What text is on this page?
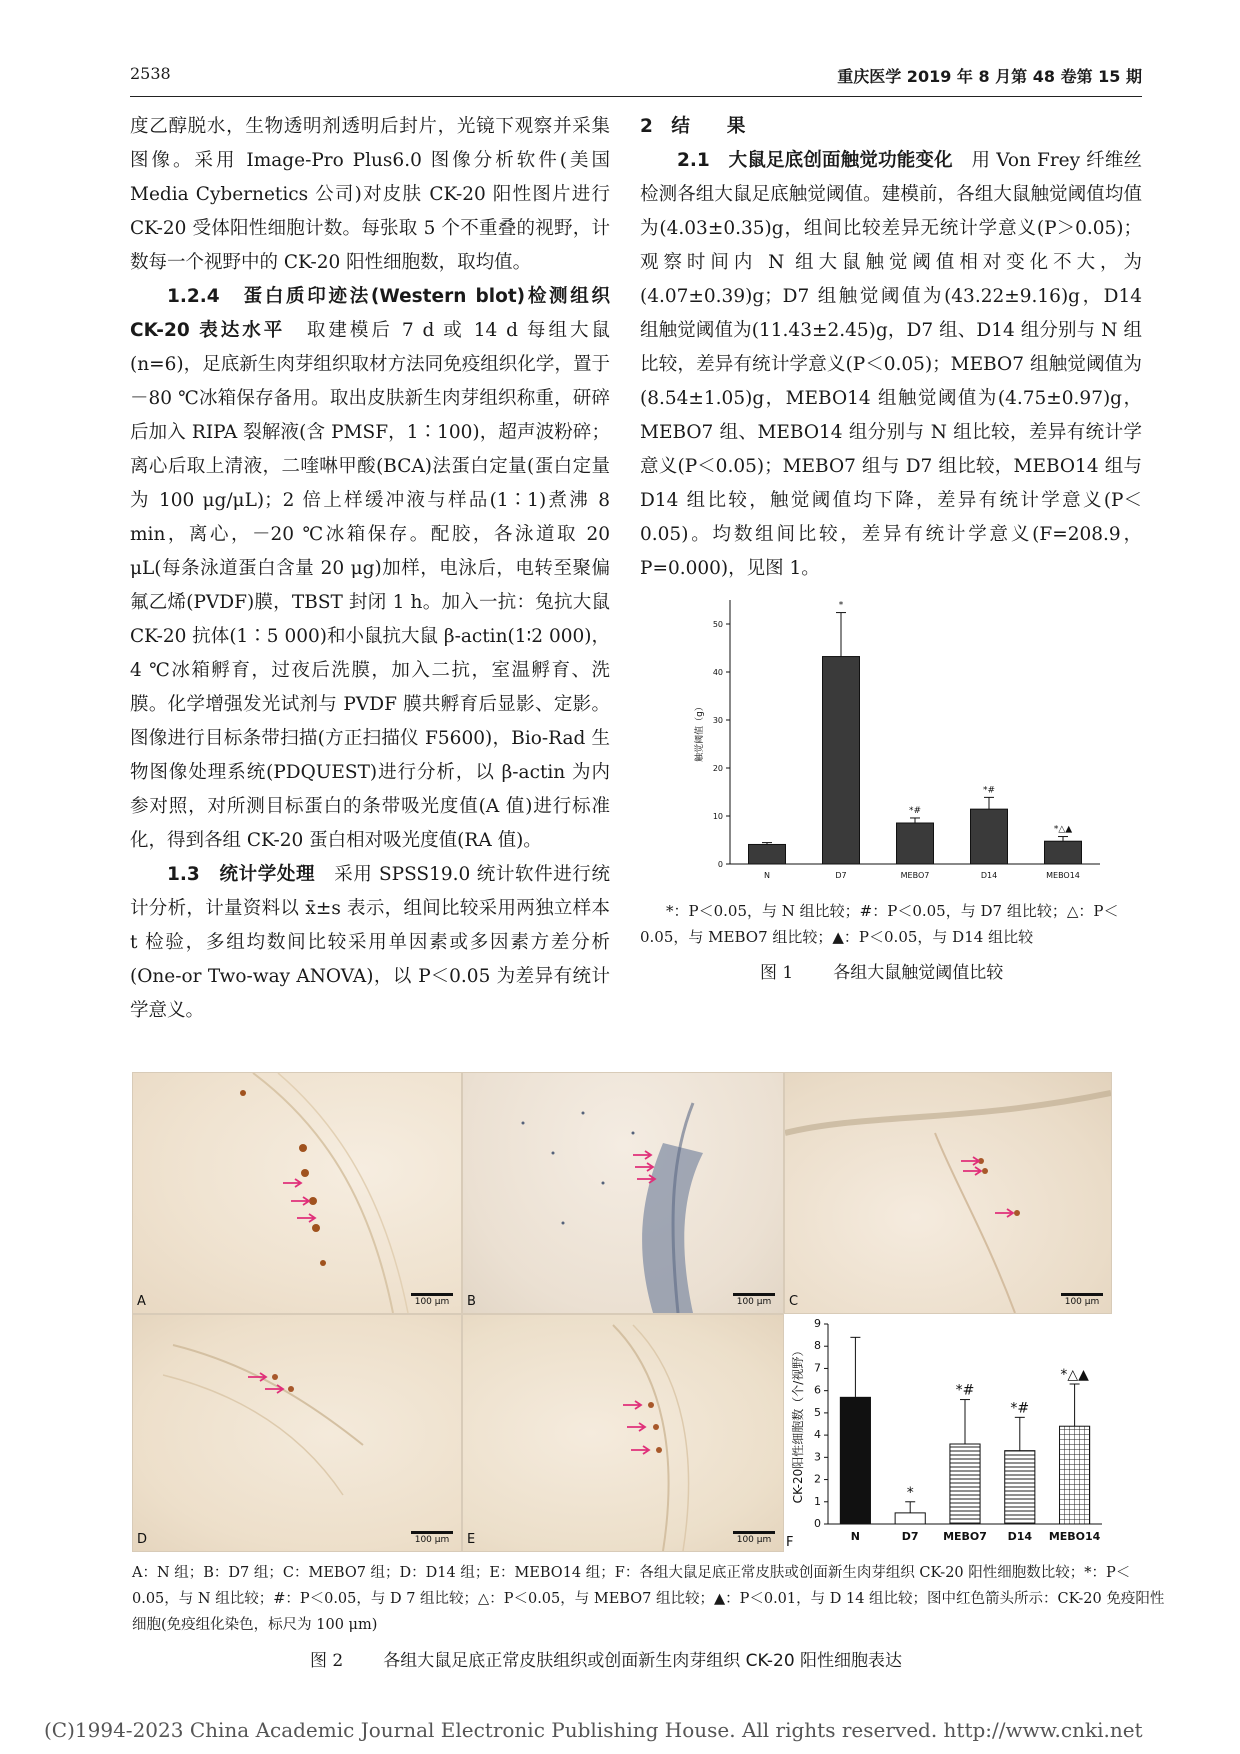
2538	重庆医学 2019 年 8 月第 48 卷第 15 期

度乙醇脱水，生物透明剂透明后封片，光镜下观察并采集图像。采用 Image-Pro Plus6.0 图像分析软件(美国 Media Cybernetics 公司)对皮肤 CK-20 阳性图片进行 CK-20 受体阳性细胞计数。每张取 5 个不重叠的视野，计数每一个视野中的 CK-20 阳性细胞数，取均值。

1.2.4　蛋白质印迹法(Western blot)检测组织 CK-20 表达水平　取建模后 7 d 或 14 d 每组大鼠(n=6)，足底新生肉芽组织取材方法同免疫组织化学，置于－80 ℃冰箱保存备用。取出皮肤新生肉芽组织称重，研碎后加入 RIPA 裂解液(含 PMSF，1∶100)，超声波粉碎；离心后取上清液，二喹啉甲酸(BCA)法蛋白定量(蛋白定量为 100 μg/μL)；2 倍上样缓冲液与样品(1∶1)煮沸 8 min，离心，－20 ℃冰箱保存。配胶，各泳道取 20 μL(每条泳道蛋白含量 20 μg)加样，电泳后，电转至聚偏氟乙烯(PVDF)膜，TBST 封闭 1 h。加入一抗：兔抗大鼠 CK-20 抗体(1∶5 000)和小鼠抗大鼠 β-actin(1∶2 000)，4 ℃冰箱孵育，过夜后洗膜，加入二抗，室温孵育、洗膜。化学增强发光试剂与 PVDF 膜共孵育后显影、定影。图像进行目标条带扫描(方正扫描仪 F5600)，Bio-Rad 生物图像处理系统(PDQUEST)进行分析，以 β-actin 为内参对照，对所测目标蛋白的条带吸光度值(A 值)进行标准化，得到各组 CK-20 蛋白相对吸光度值(RA 值)。

1.3　统计学处理　采用 SPSS19.0 统计软件进行统计分析，计量资料以 x̄±s 表示，组间比较采用两独立样本 t 检验，多组均数间比较采用单因素或多因素方差分析(One-or Two-way ANOVA)，以 P＜0.05 为差异有统计学意义。

2　结　　果

2.1　大鼠足底创面触觉功能变化　用 Von Frey 纤维丝检测各组大鼠足底触觉阈值。建模前，各组大鼠触觉阈值均值为(4.03±0.35)g，组间比较差异无统计学意义(P＞0.05)；观察时间内 N 组大鼠触觉阈值相对变化不大，为(4.07±0.39)g；D7 组触觉阈值为(43.22±9.16)g，D14 组触觉阈值为(11.43±2.45)g，D7 组、D14 组分别与 N 组比较，差异有统计学意义(P＜0.05)；MEBO7 组触觉阈值为(8.54±1.05)g，MEBO14 组触觉阈值为(4.75±0.97)g，MEBO7 组、MEBO14 组分别与 N 组比较，差异有统计学意义(P＜0.05)；MEBO7 组与 D7 组比较，MEBO14 组与 D14 组比较，触觉阈值均下降，差异有统计学意义(P＜0.05)。均数组间比较，差异有统计学意义(F=208.9，P=0.000)，见图 1。

0
10
20
30
40
50
触觉阈值（g）
N
*
D7
*#
MEBO7
*#
D14
*△▲
MEBO14
*：P＜0.05，与 N 组比较；#：P＜0.05，与 D7 组比较；△：P＜
0.05，与 MEBO7 组比较；▲：P＜0.05，与 D14 组比较
图 1 各组大鼠触觉阈值比较
A	100 μm B	100 μm C	100 μm
D	100 μm E	100 μm
0
1
2
3
4
5
6
7
8
9
CK-20阳性细胞数（个/视野）
N
*
D7
*#
MEBO7
*#
D14
*△▲
MEBO14
F
A：N 组；B：D7 组；C：MEBO7 组；D：D14 组；E：MEBO14 组；F：各组大鼠足底正常皮肤或创面新生肉芽组织 CK-20 阳性细胞数比较；*：P＜
0.05，与 N 组比较；#：P＜0.05，与 D 7 组比较；△：P＜0.05，与 MEBO7 组比较；▲：P＜0.01，与 D 14 组比较；图中红色箭头所示：CK-20 免疫阳性
细胞(免疫组化染色，标尺为 100 μm)
图 2 各组大鼠足底正常皮肤组织或创面新生肉芽组织 CK-20 阳性细胞表达
(C)1994-2023 China Academic Journal Electronic Publishing House. All rights reserved. http://www.cnki.net
